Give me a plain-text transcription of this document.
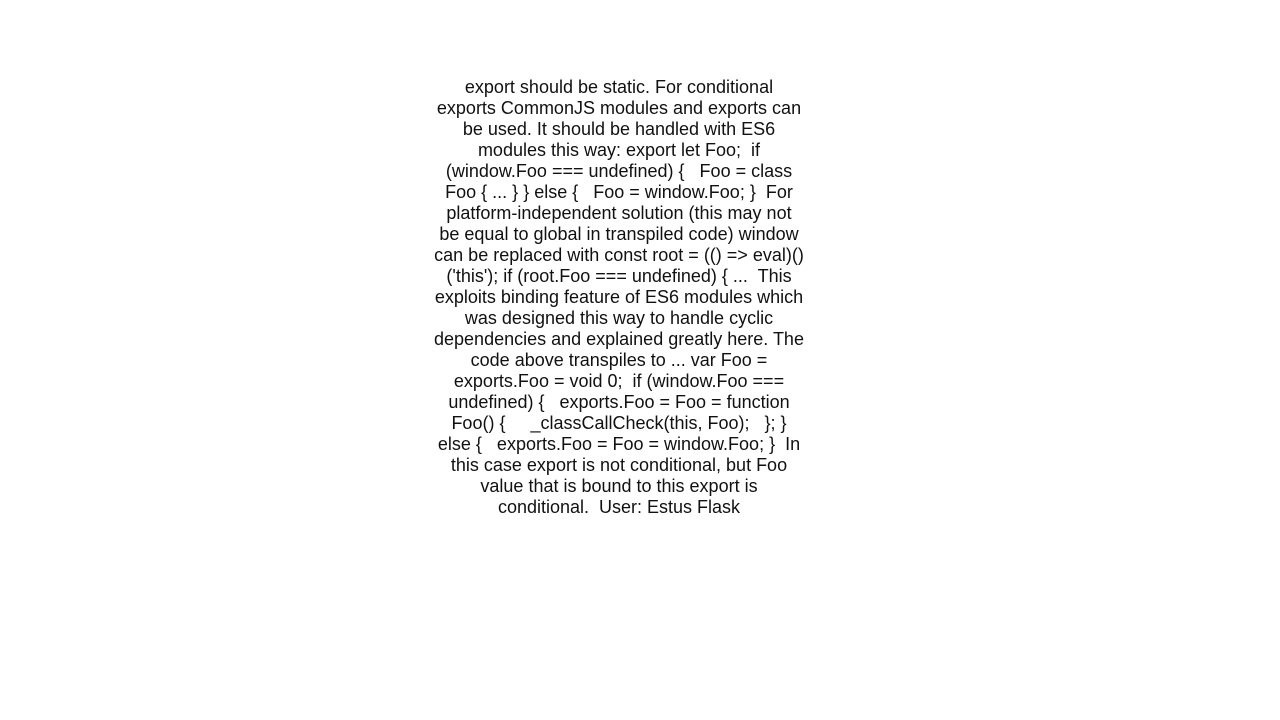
export should be static. For conditional exports CommonJS modules and exports can be used. It should be handled with ES6 modules this way: export let Foo;  if (window.Foo === undefined) {   Foo = class Foo { ... } } else {   Foo = window.Foo; }  For platform-independent solution (this may not be equal to global in transpiled code) window can be replaced with const root = (() => eval)()('this'); if (root.Foo === undefined) { ...  This exploits binding feature of ES6 modules which was designed this way to handle cyclic dependencies and explained greatly here. The code above transpiles to ... var Foo = exports.Foo = void 0;  if (window.Foo === undefined) {   exports.Foo = Foo = function Foo() {     _classCallCheck(this, Foo);   }; } else {   exports.Foo = Foo = window.Foo; }  In this case export is not conditional, but Foo value that is bound to this export is conditional.  User: Estus Flask
